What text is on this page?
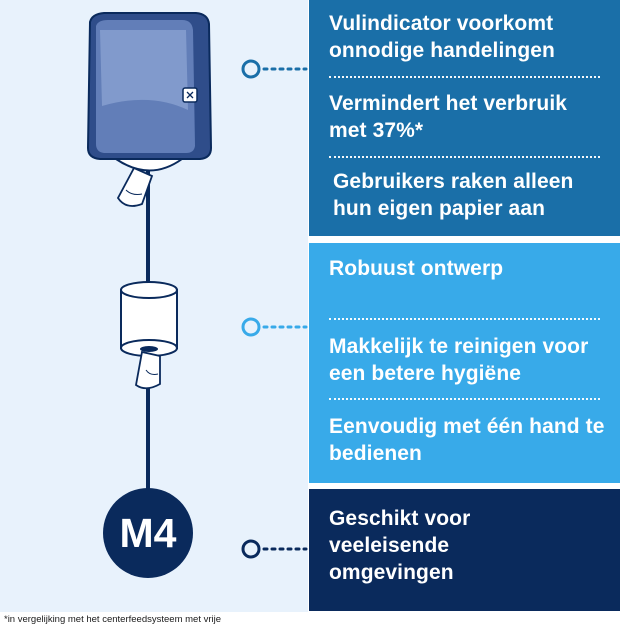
M4
Vulindicator voorkomt onnodige handelingen
Vermindert het verbruik met 37%*
Gebruikers raken alleen hun eigen papier aan
Robuust ontwerp
Makkelijk te reinigen voor een betere hygiëne
Eenvoudig met één hand te bedienen
Geschikt voor veeleisende omgevingen
*in vergelijking met het centerfeedsysteem met vrije
